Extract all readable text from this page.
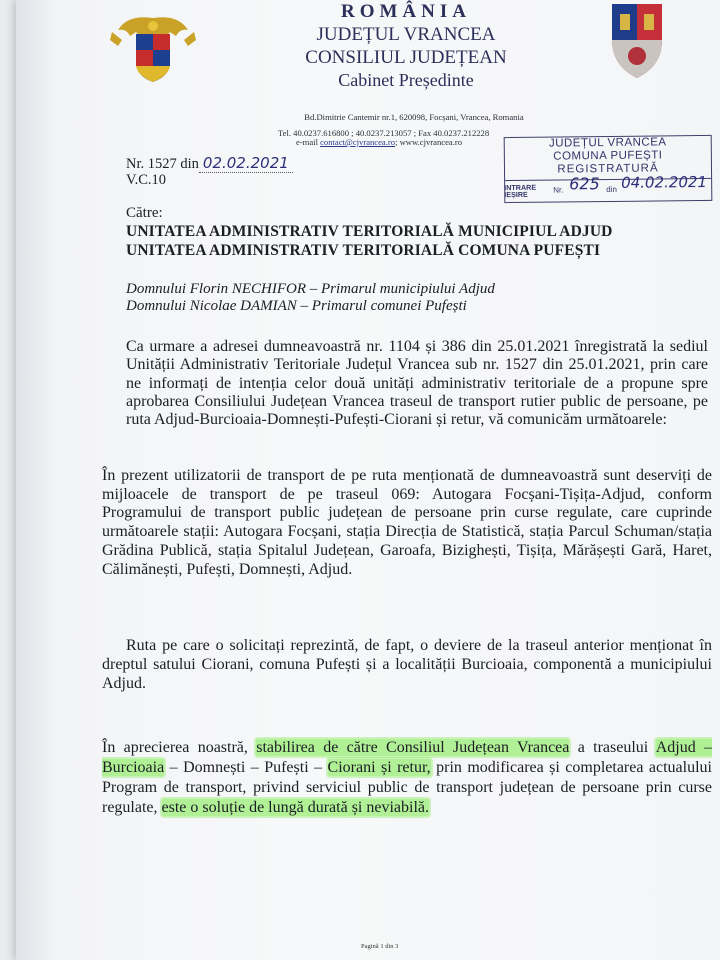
ROMÂNIA
JUDEȚUL VRANCEA
CONSILIUL JUDEȚEAN
Cabinet Președinte
Bd.Dimitrie Cantemir nr.1, 620098, Focșani, Vrancea, Romania
Tel. 40.0237.616800 ; 40.0237.213057 ; Fax 40.0237.212228
e-mail contact@cjvrancea.ro; www.cjvrancea.ro	JUDEȚUL VRANCEA
COMUNA PUFEȘTI
REGISTRATURĂ
INTRARE
IEȘIRE
Nr. 625 din 04.02.2021
Nr. 1527 din 02.02.2021
V.C.10
Către:
UNITATEA ADMINISTRATIV TERITORIALĂ MUNICIPIUL ADJUD
UNITATEA ADMINISTRATIV TERITORIALĂ COMUNA PUFEȘTI
Domnului Florin NECHIFOR – Primarul municipiului Adjud
Domnului Nicolae DAMIAN – Primarul comunei Pufești
Ca urmare a adresei dumneavoastră nr. 1104 și 386 din 25.01.2021 înregistrată la sediul Unității Administrativ Teritoriale Județul Vrancea sub nr. 1527 din 25.01.2021, prin care ne informați de intenția celor două unități administrativ teritoriale de a propune spre aprobarea Consiliului Județean Vrancea traseul de transport rutier public de persoane, pe ruta Adjud-Burcioaia-Domnești-Pufești-Ciorani și retur, vă comunicăm următoarele:
În prezent utilizatorii de transport de pe ruta menționată de dumneavoastră sunt deserviți de mijloacele de transport de pe traseul 069: Autogara Focșani-Tișița-Adjud, conform Programului de transport public județean de persoane prin curse regulate, care cuprinde următoarele stații: Autogara Focșani, stația Direcția de Statistică, stația Parcul Schuman/stația Grădina Publică, stația Spitalul Județean, Garoafa, Bizighești, Tișița, Mărășești Gară, Haret, Călimănești, Pufești, Domnești, Adjud.
Ruta pe care o solicitați reprezintă, de fapt, o deviere de la traseul anterior menționat în dreptul satului Ciorani, comuna Pufești și a localității Burcioaia, componentă a municipiului Adjud.
În aprecierea noastră, stabilirea de către Consiliul Județean Vrancea a traseului Adjud – Burcioaia – Domnești – Pufești – Ciorani și retur, prin modificarea și completarea actualului Program de transport, privind serviciul public de transport județean de persoane prin curse regulate, este o soluție de lungă durată și neviabilă.
Pagină 1 din 3
